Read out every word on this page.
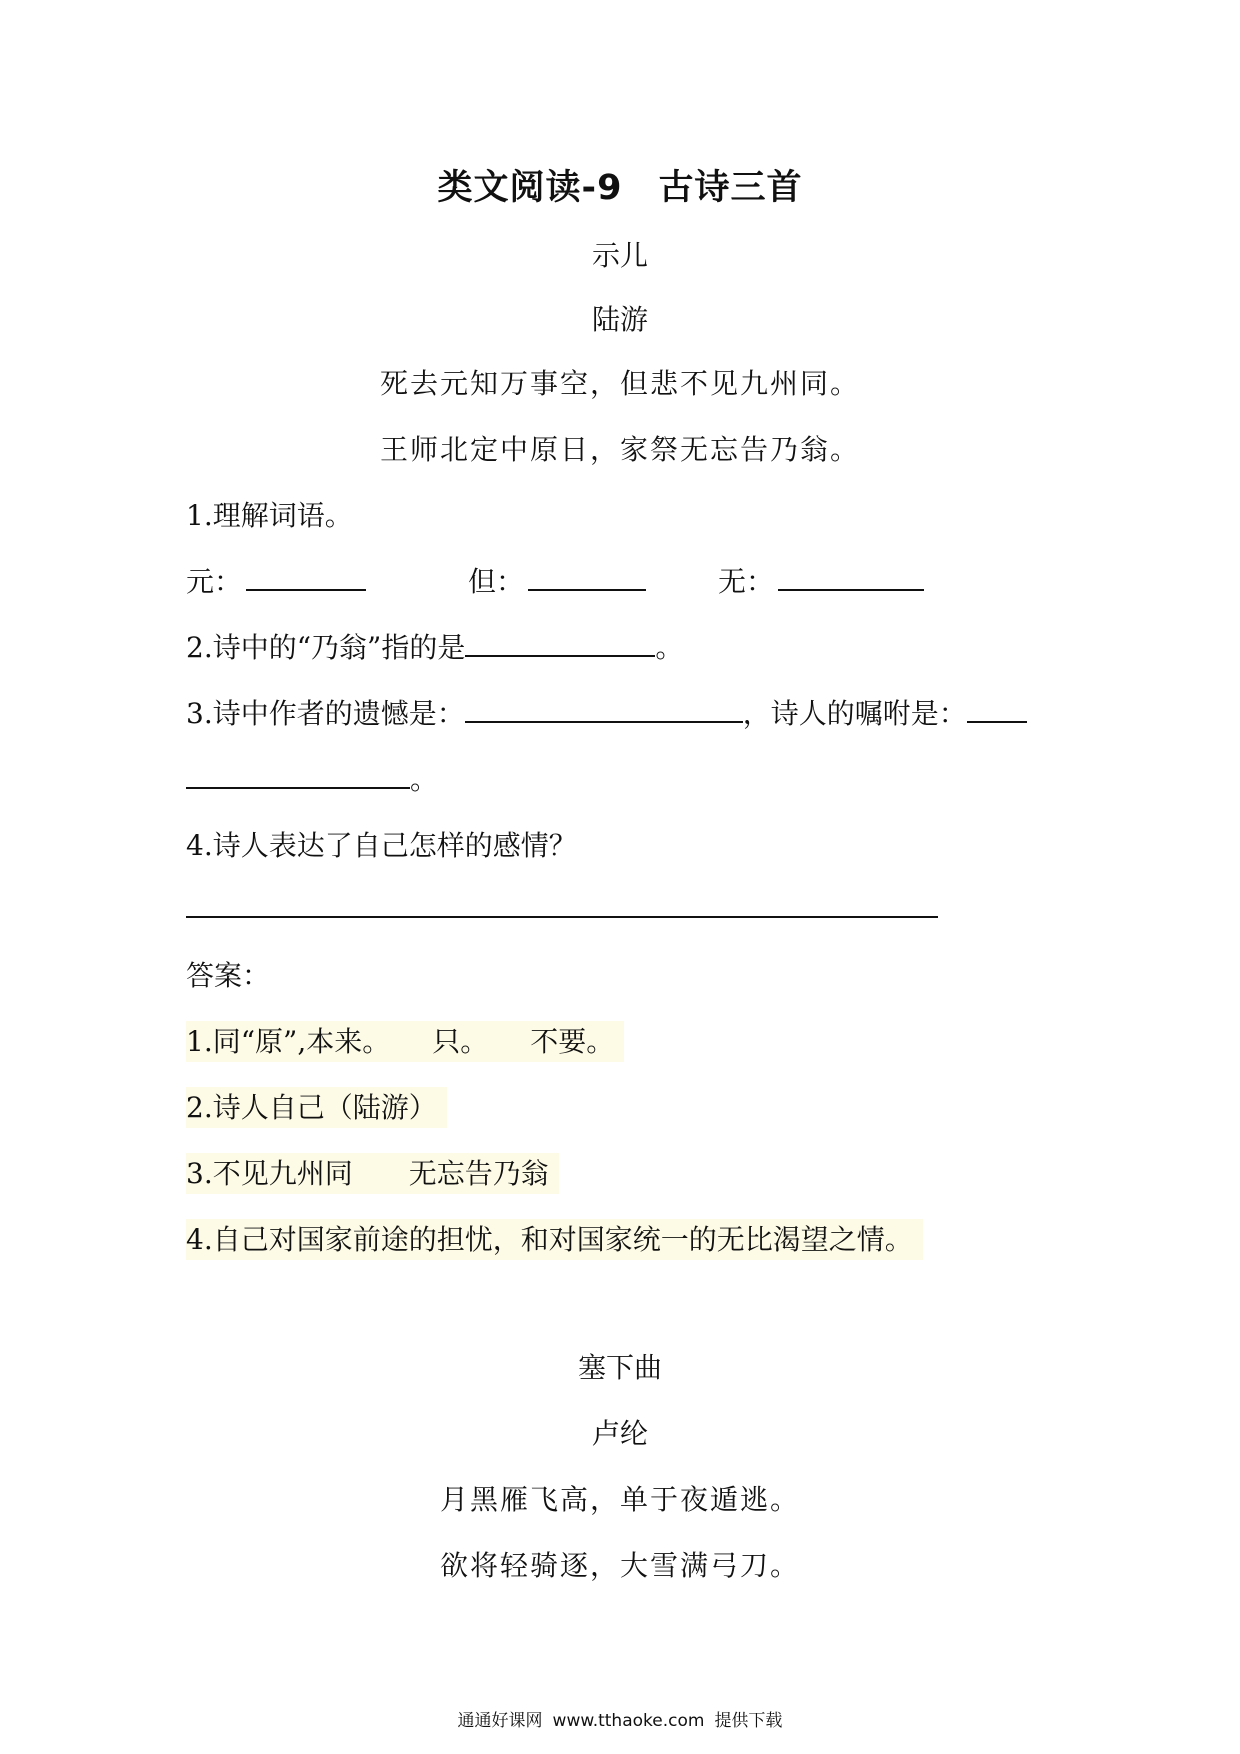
类文阅读-9 古诗三首
示儿
陆游
死去元知万事空，但悲不见九州同。
王师北定中原日，家祭无忘告乃翁。
1.理解词语。
元：	但：	无：
2.诗中的“乃翁”指的是	。
3.诗中作者的遗憾是：	，诗人的嘱咐是：
。
4.诗人表达了自己怎样的感情？
答案：
1.同“原”,本来。　　只。　　不要。
2.诗人自己（陆游）
3.不见九州同　　无忘告乃翁
4.自己对国家前途的担忧，和对国家统一的无比渴望之情。
塞下曲
卢纶
月黑雁飞高，单于夜遁逃。
欲将轻骑逐，大雪满弓刀。
通通好课网 www.tthaoke.com 提供下载
